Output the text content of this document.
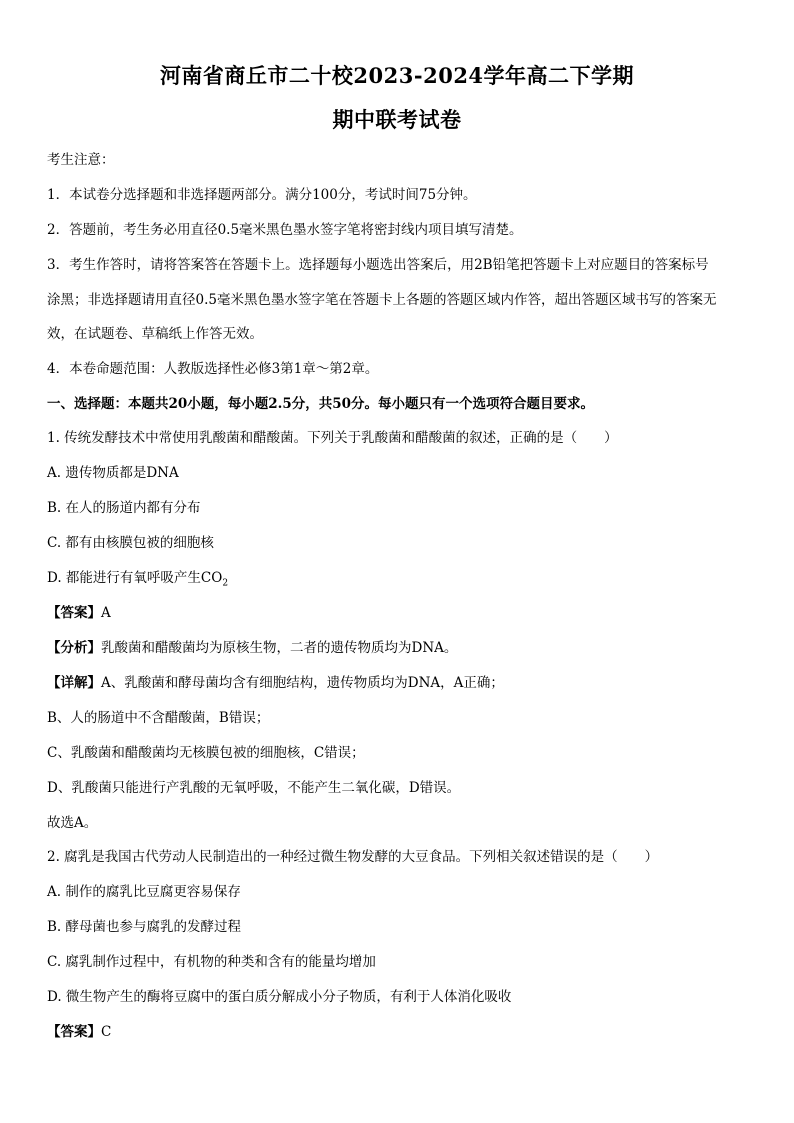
河南省商丘市二十校2023-2024学年高二下学期
期中联考试卷
考生注意：
1．本试卷分选择题和非选择题两部分。满分100分，考试时间75分钟。
2．答题前，考生务必用直径0.5毫米黑色墨水签字笔将密封线内项目填写清楚。
3．考生作答时，请将答案答在答题卡上。选择题每小题选出答案后，用2B铅笔把答题卡上对应题目的答案标号
涂黑；非选择题请用直径0.5毫米黑色墨水签字笔在答题卡上各题的答题区域内作答，超出答题区域书写的答案无
效，在试题卷、草稿纸上作答无效。
4．本卷命题范围：人教版选择性必修3第1章～第2章。
一、选择题：本题共20小题，每小题2.5分，共50分。每小题只有一个选项符合题目要求。
1. 传统发酵技术中常使用乳酸菌和醋酸菌。下列关于乳酸菌和醋酸菌的叙述，正确的是（　　）
A. 遗传物质都是DNA
B. 在人的肠道内都有分布
C. 都有由核膜包被的细胞核
D. 都能进行有氧呼吸产生$CO_2$
【答案】A
【分析】乳酸菌和醋酸菌均为原核生物，二者的遗传物质均为DNA。
【详解】A、乳酸菌和酵母菌均含有细胞结构，遗传物质均为DNA，A正确；
B、人的肠道中不含醋酸菌，B错误；
C、乳酸菌和醋酸菌均无核膜包被的细胞核，C错误；
D、乳酸菌只能进行产乳酸的无氧呼吸，不能产生二氧化碳，D错误。
故选A。
2. 腐乳是我国古代劳动人民制造出的一种经过微生物发酵的大豆食品。下列相关叙述错误的是（　　）
A. 制作的腐乳比豆腐更容易保存
B. 酵母菌也参与腐乳的发酵过程
C. 腐乳制作过程中，有机物的种类和含有的能量均增加
D. 微生物产生的酶将豆腐中的蛋白质分解成小分子物质，有利于人体消化吸收
【答案】C
